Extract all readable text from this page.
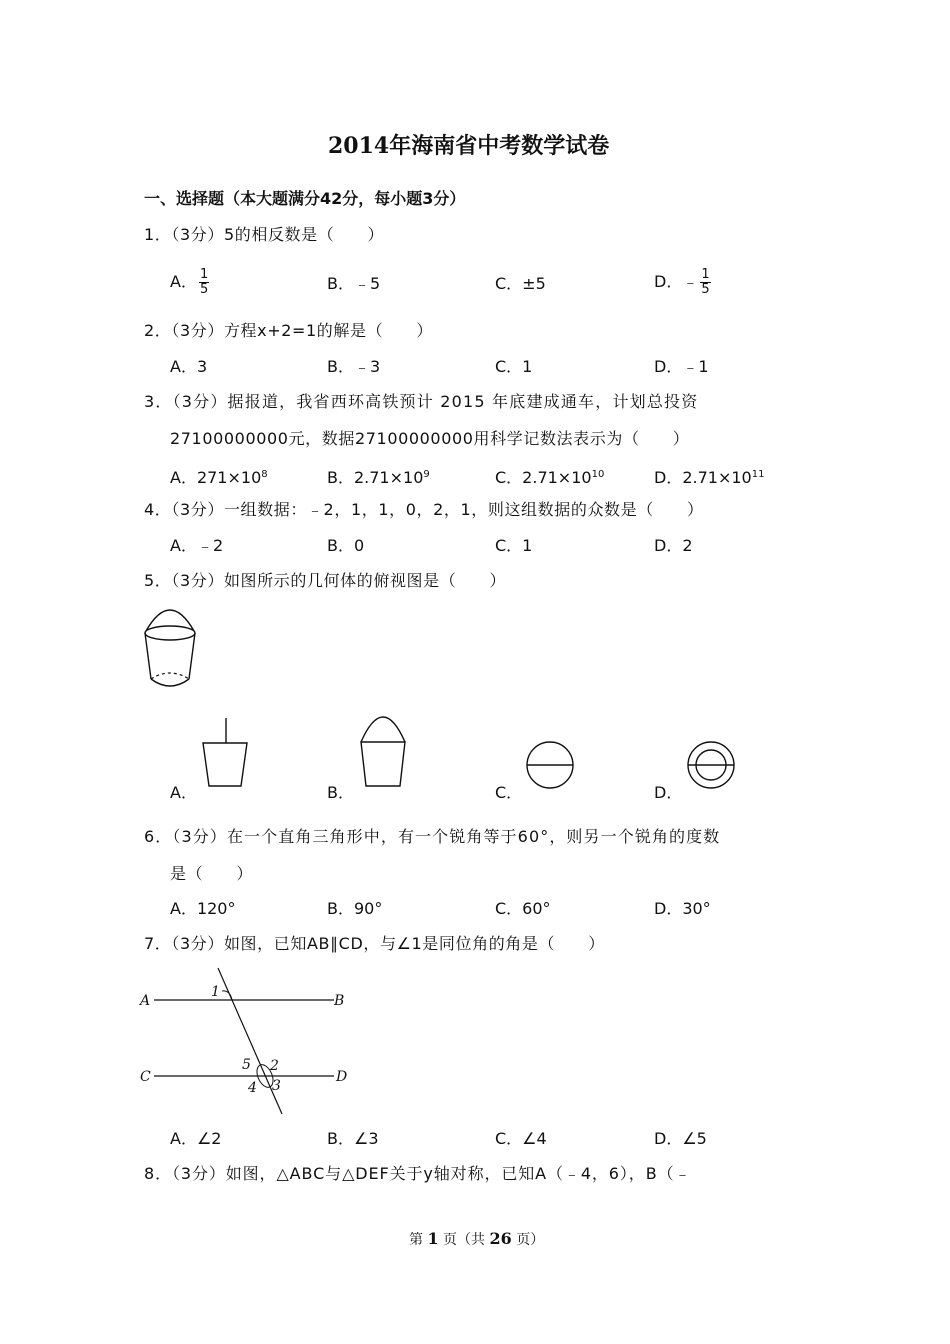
2014年海南省中考数学试卷
一、选择题（本大题满分42分，每小题3分）
1．（3分）5的相反数是（　　）
A． $\frac{1}{5}$	B．﹣5	C．±5	D．﹣ $\frac{1}{5}$
2．（3分）方程x+2=1的解是（　　）
A．3	B．﹣3	C．1	D．﹣1
3．（3分）据报道，我省西环高铁预计 2015 年底建成通车，计划总投资
27100000000元，数据27100000000用科学记数法表示为（　　）
A．$271\times 10^8$	B．$2.71\times 10^9$	C．$2.71\times 10^{10}$	D．$2.71\times 10^{11}$
4．（3分）一组数据：﹣2，1，1，0，2，1，则这组数据的众数是（　　）
A．﹣2	B．0	C．1	D．2
5．（3分）如图所示的几何体的俯视图是（　　）
A．	B．	C．	D．
6．（3分）在一个直角三角形中，有一个锐角等于60°，则另一个锐角的度数
是（　　）
A．120°	B．90°	C．60°	D．30°
7．（3分）如图，已知AB∥CD，与∠1是同位角的角是（　　）
A	B
C	D
1
2
3
4
5
A．∠2	B．∠3	C．∠4	D．∠5
8．（3分）如图，△ABC与△DEF关于y轴对称，已知A（﹣4，6），B（﹣
第 1 页（共 26 页）
